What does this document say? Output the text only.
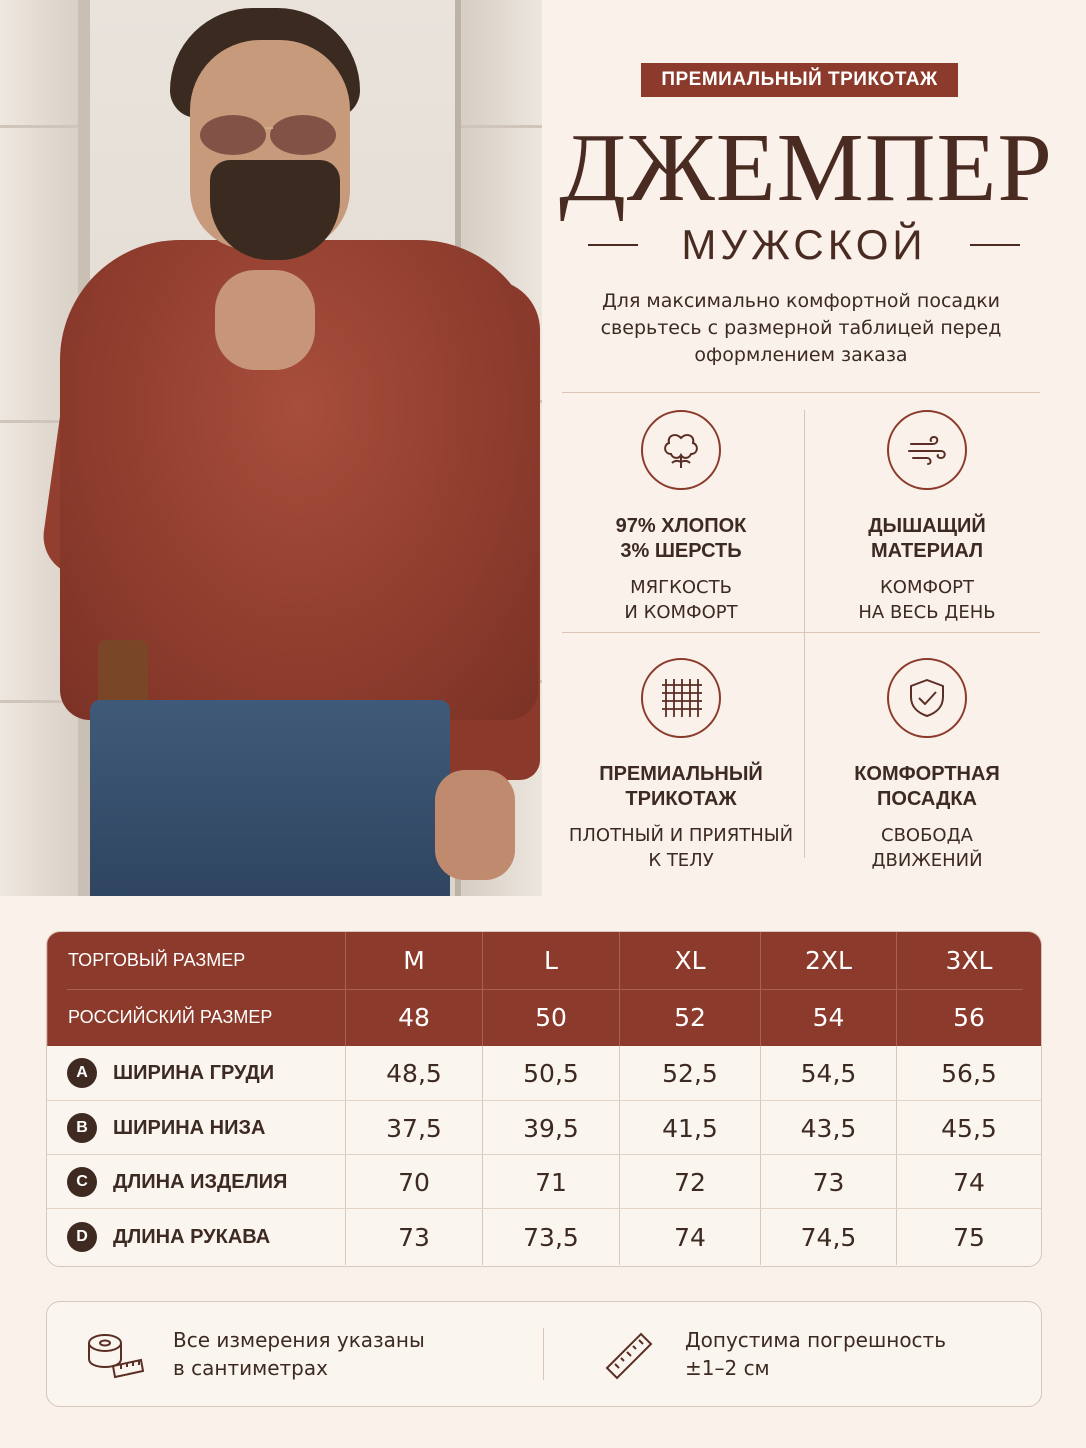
ПРЕМИАЛЬНЫЙ ТРИКОТАЖ
ДЖЕМПЕР
МУЖСКОЙ
Для максимально комфортной посадки сверьтесь с размерной таблицей перед оформлением заказа
97% ХЛОПОК
3% ШЕРСТЬ
МЯГКОСТЬ
И КОМФОРТ
ДЫШАЩИЙ
МАТЕРИАЛ
КОМФОРТ
НА ВЕСЬ ДЕНЬ
ПРЕМИАЛЬНЫЙ
ТРИКОТАЖ
ПЛОТНЫЙ И ПРИЯТНЫЙ
К ТЕЛУ
КОМФОРТНАЯ
ПОСАДКА
СВОБОДА
ДВИЖЕНИЙ
ТОРГОВЫЙ РАЗМЕР	M	L	XL	2XL	3XL
РОССИЙСКИЙ РАЗМЕР	48	50	52	54	56
A	ШИРИНА ГРУДИ	48,5	50,5	52,5	54,5	56,5
B	ШИРИНА НИЗА	37,5	39,5	41,5	43,5	45,5
C	ДЛИНА ИЗДЕЛИЯ	70	71	72	73	74
D	ДЛИНА РУКАВА	73	73,5	74	74,5	75
Все измерения указаны
в сантиметрах
Допустима погрешность
±1–2 см
